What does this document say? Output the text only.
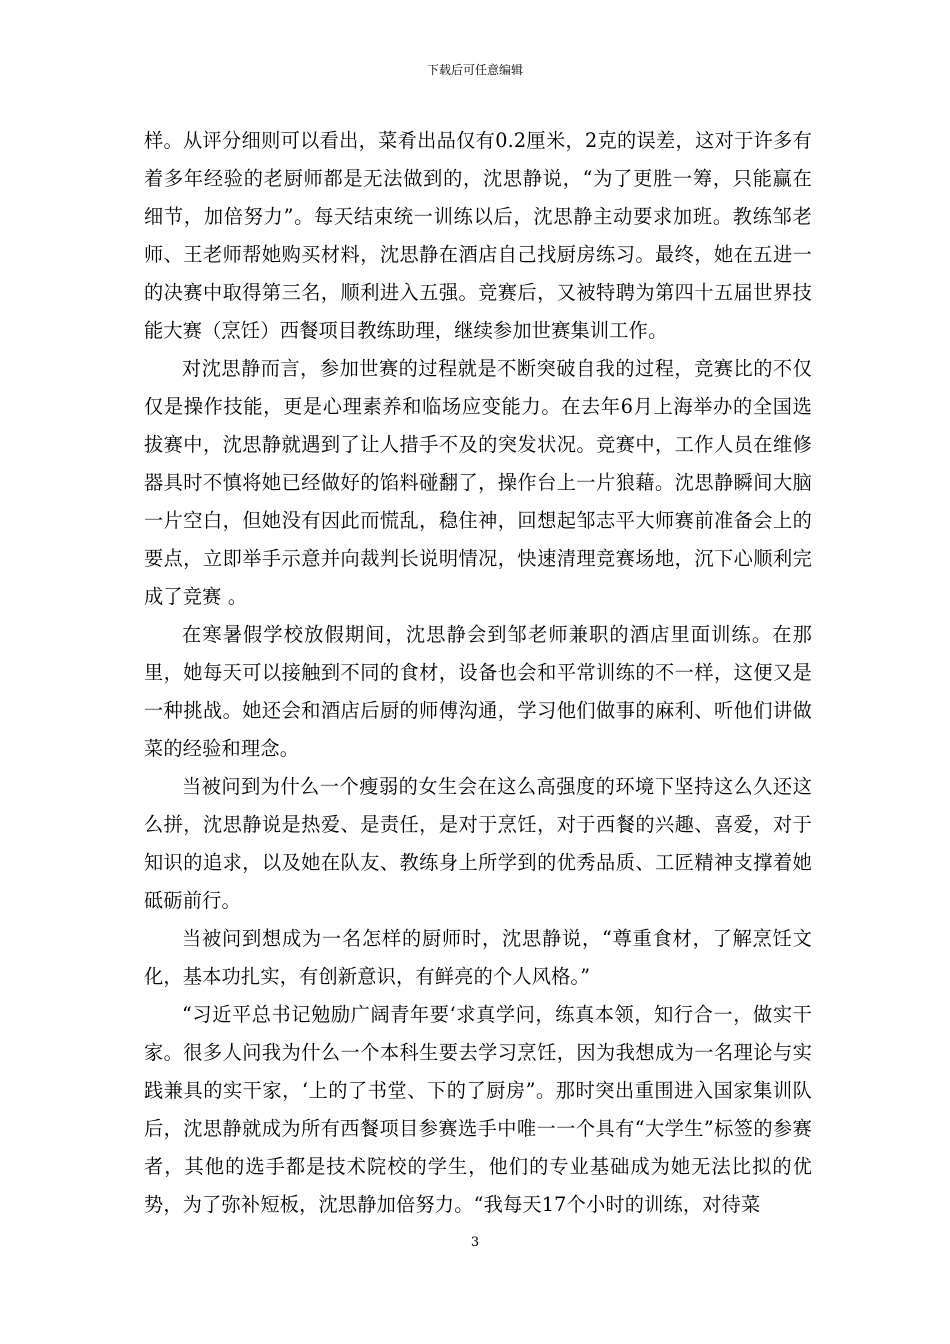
下载后可任意编辑

样。从评分细则可以看出，菜肴出品仅有0.2厘米，2克的误差，这对于许多有着多年经验的老厨师都是无法做到的，沈思静说，“为了更胜一筹，只能赢在细节，加倍努力”。每天结束统一训练以后，沈思静主动要求加班。教练邹老师、王老师帮她购买材料，沈思静在酒店自己找厨房练习。最终，她在五进一的决赛中取得第三名，顺利进入五强。竞赛后，又被特聘为第四十五届世界技能大赛（烹饪）西餐项目教练助理，继续参加世赛集训工作。

对沈思静而言，参加世赛的过程就是不断突破自我的过程，竞赛比的不仅仅是操作技能，更是心理素养和临场应变能力。在去年6月上海举办的全国选拔赛中，沈思静就遇到了让人措手不及的突发状况。竞赛中，工作人员在维修器具时不慎将她已经做好的馅料碰翻了，操作台上一片狼藉。沈思静瞬间大脑一片空白，但她没有因此而慌乱，稳住神，回想起邹志平大师赛前准备会上的要点，立即举手示意并向裁判长说明情况，快速清理竞赛场地，沉下心顺利完成了竞赛 。

在寒暑假学校放假期间，沈思静会到邹老师兼职的酒店里面训练。在那里，她每天可以接触到不同的食材，设备也会和平常训练的不一样，这便又是一种挑战。她还会和酒店后厨的师傅沟通，学习他们做事的麻利、听他们讲做菜的经验和理念。

当被问到为什么一个瘦弱的女生会在这么高强度的环境下坚持这么久还这么拼，沈思静说是热爱、是责任，是对于烹饪，对于西餐的兴趣、喜爱，对于知识的追求，以及她在队友、教练身上所学到的优秀品质、工匠精神支撑着她砥砺前行。

当被问到想成为一名怎样的厨师时，沈思静说，“尊重食材，了解烹饪文化，基本功扎实，有创新意识，有鲜亮的个人风格。”

“习近平总书记勉励广阔青年要‘求真学问，练真本领，知行合一，做实干家。很多人问我为什么一个本科生要去学习烹饪，因为我想成为一名理论与实践兼具的实干家，‘上的了书堂、下的了厨房”。那时突出重围进入国家集训队后，沈思静就成为所有西餐项目参赛选手中唯一一个具有“大学生”标签的参赛者，其他的选手都是技术院校的学生，他们的专业基础成为她无法比拟的优势，为了弥补短板，沈思静加倍努力。“我每天17个小时的训练，对待菜

3
